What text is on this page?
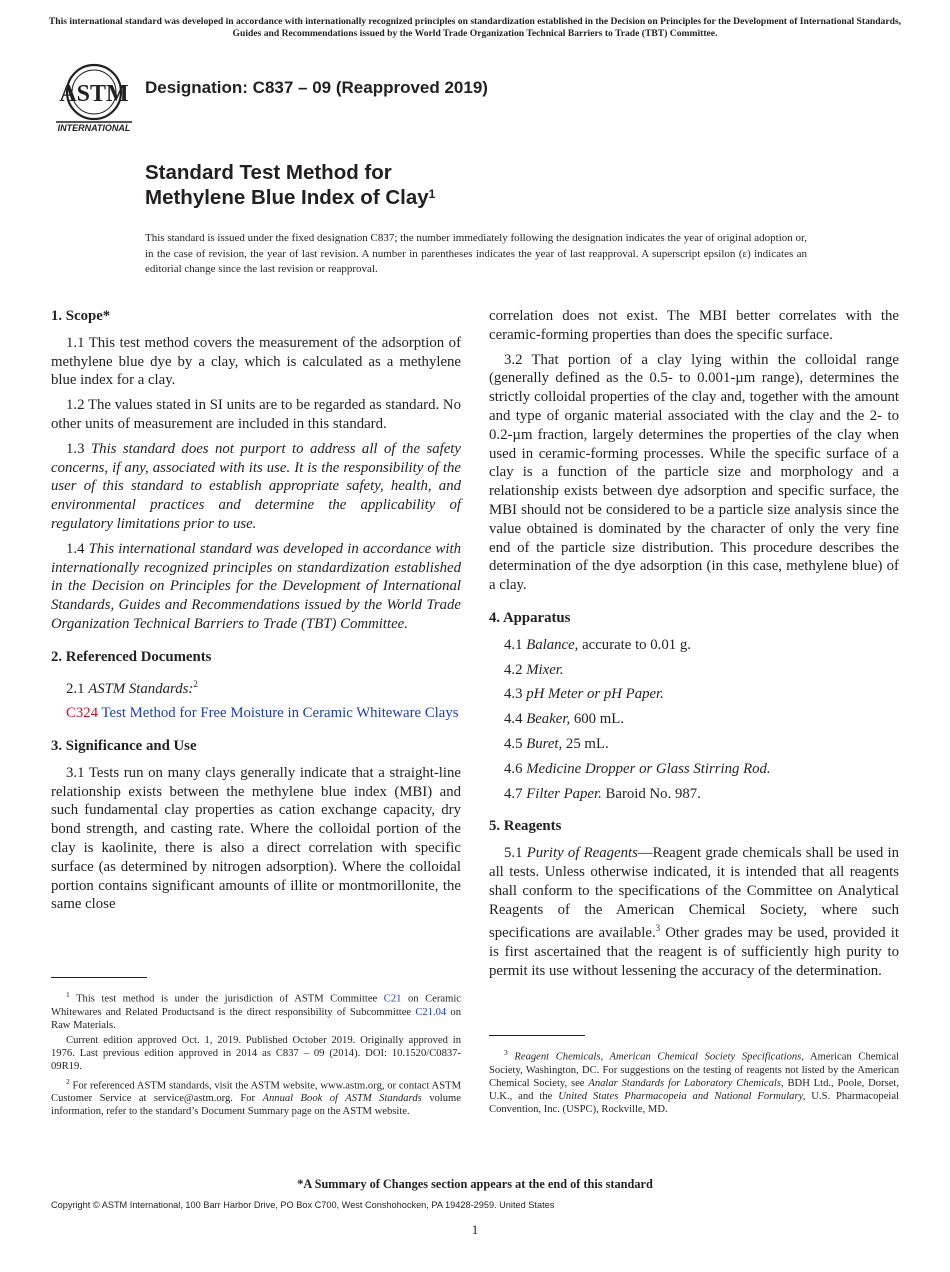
This international standard was developed in accordance with internationally recognized principles on standardization established in the Decision on Principles for the Development of International Standards, Guides and Recommendations issued by the World Trade Organization Technical Barriers to Trade (TBT) Committee.
ASTM
INTERNATIONAL
Designation: C837 – 09 (Reapproved 2019)
Standard Test Method for
Methylene Blue Index of Clay$^1$
This standard is issued under the fixed designation C837; the number immediately following the designation indicates the year of original adoption or, in the case of revision, the year of last revision. A number in parentheses indicates the year of last reapproval. A superscript epsilon (ε) indicates an editorial change since the last revision or reapproval.

1. Scope*

1.1 This test method covers the measurement of the adsorption of methylene blue dye by a clay, which is calculated as a methylene blue index for a clay.

1.2 The values stated in SI units are to be regarded as standard. No other units of measurement are included in this standard.

1.3 This standard does not purport to address all of the safety concerns, if any, associated with its use. It is the responsibility of the user of this standard to establish appropriate safety, health, and environmental practices and determine the applicability of regulatory limitations prior to use.

1.4 This international standard was developed in accordance with internationally recognized principles on standardization established in the Decision on Principles for the Development of International Standards, Guides and Recommendations issued by the World Trade Organization Technical Barriers to Trade (TBT) Committee.

2. Referenced Documents

2.1 ASTM Standards:$^2$

C324 Test Method for Free Moisture in Ceramic Whiteware Clays

3. Significance and Use

3.1 Tests run on many clays generally indicate that a straight-line relationship exists between the methylene blue index (MBI) and such fundamental clay properties as cation exchange capacity, dry bond strength, and casting rate. Where the colloidal portion of the clay is kaolinite, there is also a direct correlation with specific surface (as determined by nitrogen adsorption). Where the colloidal portion contains significant amounts of illite or montmorillonite, the same close

correlation does not exist. The MBI better correlates with the ceramic-forming properties than does the specific surface.

3.2 That portion of a clay lying within the colloidal range (generally defined as the 0.5- to 0.001-µm range), determines the strictly colloidal properties of the clay and, together with the amount and type of organic material associated with the clay and the 2- to 0.2-µm fraction, largely determines the properties of the clay when used in ceramic-forming processes. While the specific surface of a clay is a function of the particle size and morphology and a relationship exists between dye adsorption and specific surface, the MBI should not be considered to be a particle size analysis since the value obtained is dominated by the character of only the very fine end of the particle size distribution. This procedure describes the determination of the dye adsorption (in this case, methylene blue) of a clay.

4. Apparatus

4.1 Balance, accurate to 0.01 g.

4.2 Mixer.

4.3 pH Meter or pH Paper.

4.4 Beaker, 600 mL.

4.5 Buret, 25 mL.

4.6 Medicine Dropper or Glass Stirring Rod.

4.7 Filter Paper. Baroid No. 987.

5. Reagents

5.1 Purity of Reagents—Reagent grade chemicals shall be used in all tests. Unless otherwise indicated, it is intended that all reagents shall conform to the specifications of the Committee on Analytical Reagents of the American Chemical Society, where such specifications are available.$^3$ Other grades may be used, provided it is first ascertained that the reagent is of sufficiently high purity to permit its use without lessening the accuracy of the determination.

$^1$ This test method is under the jurisdiction of ASTM Committee C21 on Ceramic Whitewares and Related Productsand is the direct responsibility of Subcommittee C21.04 on Raw Materials.

Current edition approved Oct. 1, 2019. Published October 2019. Originally approved in 1976. Last previous edition approved in 2014 as C837 – 09 (2014). DOI: 10.1520/C0837-09R19.

$^2$ For referenced ASTM standards, visit the ASTM website, www.astm.org, or contact ASTM Customer Service at service@astm.org. For Annual Book of ASTM Standards volume information, refer to the standard’s Document Summary page on the ASTM website.

$^3$ Reagent Chemicals, American Chemical Society Specifications, American Chemical Society, Washington, DC. For suggestions on the testing of reagents not listed by the American Chemical Society, see Analar Standards for Laboratory Chemicals, BDH Ltd., Poole, Dorset, U.K., and the United States Pharmacopeia and National Formulary, U.S. Pharmacopeial Convention, Inc. (USPC), Rockville, MD.

*A Summary of Changes section appears at the end of this standard
Copyright © ASTM International, 100 Barr Harbor Drive, PO Box C700, West Conshohocken, PA 19428-2959. United States
1
